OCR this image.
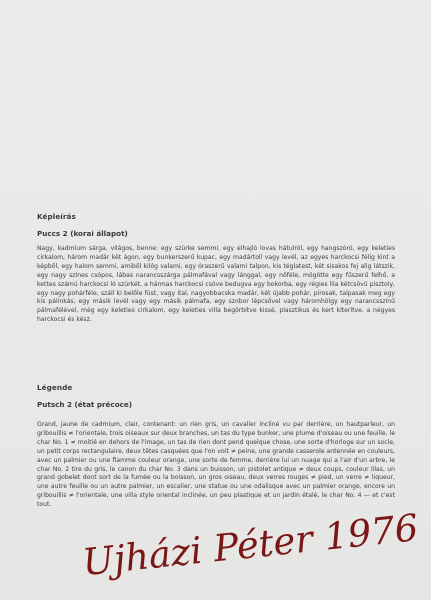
Képleírás
Puccs 2 (korai állapot)

Nagy, kadmium sárga, világos, benne: egy szürke semmi, egy elhajló lovas hátulról, egy hangszóró, egy keleties cirkalom, három madár két ágon, egy bunkerszerű kupac, egy madártoll vagy levél, az egyes harckocsi félig kint a képből, egy halom semmi, amiből kilóg valami, egy óraszerű valami talpon, kis téglatest, két sisakos fej alig látszik, egy nagy színes csópos, lábas narancsszárga pálmafával vagy lánggal, egy nőféle, mögötte egy fűszerű felhő, a kettes számú harckocsi ló szürkét, a hármas harckocsi csöve bedugva egy bokorba, egy régies lila kétcsövű pisztoly, egy nagy pohárféle, száll ki belőle füst, vagy ital, nagyobbacska madár, két újabb pohár, pirosak, talpasak meg egy kis pálinkás, egy másik levél vagy egy másik pálmafa, egy szobor lépcsővel vagy háromhölgy egy narancsszínű pálmafélével, még egy keleties cirkalom, egy keleties villa begörbítve kissé, plasztikus és kert kiterítve, a négyes harckocsi és kész.

Légende
Putsch 2 (état précoce)

Grand, jaune de cadmium, clair, contenant: un rien gris, un cavalier incliné vu par derrière, un hautparleur, un gribouillis ≠ l'orientale, trois oiseaux sur deux branches, un tas du type bunker, une plume d'oiseau ou une feuille, le char No. 1 ≠ moitié en dehors de l'image, un tas de rien dont pend quelque chose, une sorte d'horloge sur un socle, un petit corps rectangulaire, deux têtes casquées que l'on voit ≠ peine, une grande casserole antennée en couleurs, avec un palmier ou une flamme couleur orange, une sorte de femme, derrière lui un nuage qui a l'air d'un arbre, le char No. 2 tire du gris, le canon du char No. 3 dans un buisson, un pistolet antique ≠ deux coups, couleur lilas, un grand gobelet dont sort de la fumée ou la boisson, un gros oiseau, deux verres rouges ≠ pied, un verre ≠ liqueur, une autre feuille ou un autre palmier, un escalier, une statue ou une odalisque avec un palmier orange, encore un gribouillis ≠ l'orientale, une villa style oriental inclinée, un peu plastique et un jardin étalé, le char No. 4 — et c'est tout.

Ujházi Péter 1976
